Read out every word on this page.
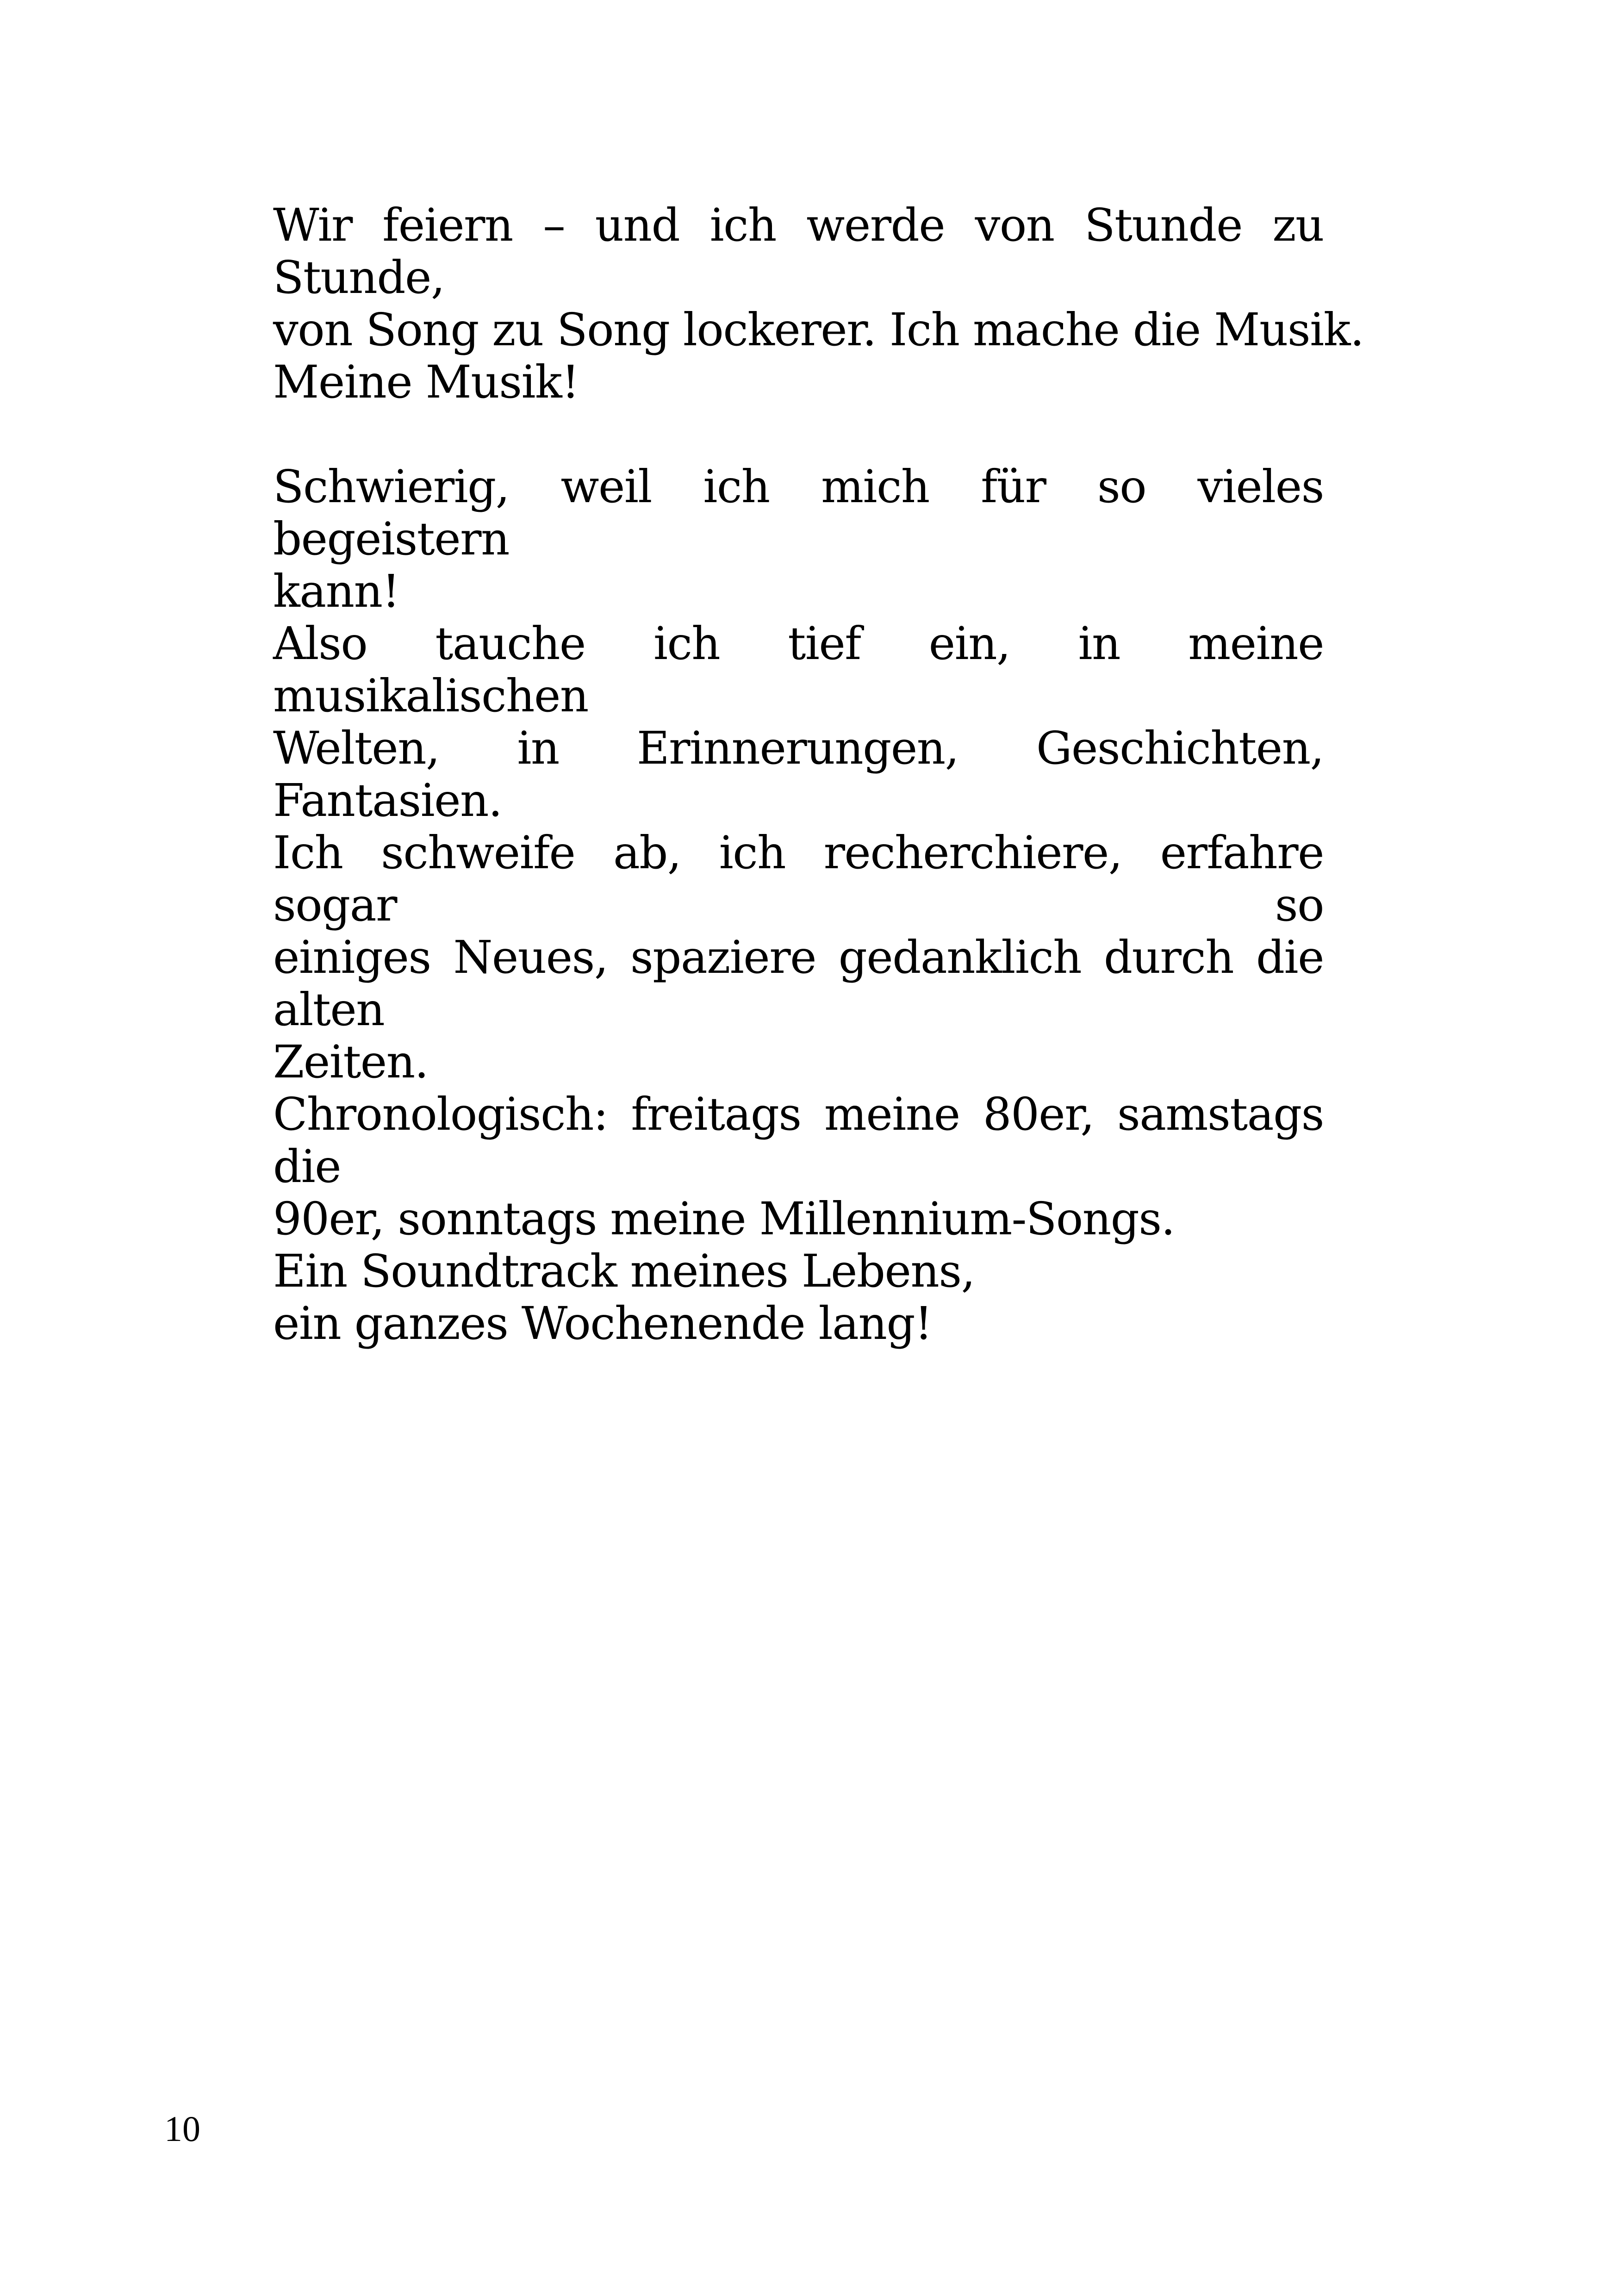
Wir feiern – und ich werde von Stunde zu Stunde,
von Song zu Song lockerer. Ich mache die Musik.
Meine Musik!

Schwierig, weil ich mich für so vieles begeistern
kann!
Also tauche ich tief ein, in meine musikalischen
Welten, in Erinnerungen, Geschichten, Fantasien.
Ich schweife ab, ich recherchiere, erfahre sogar so
einiges Neues, spaziere gedanklich durch die alten
Zeiten.
Chronologisch: freitags meine 80er, samstags die
90er, sonntags meine Millennium-Songs.
Ein Soundtrack meines Lebens,
ein ganzes Wochenende lang!

10
